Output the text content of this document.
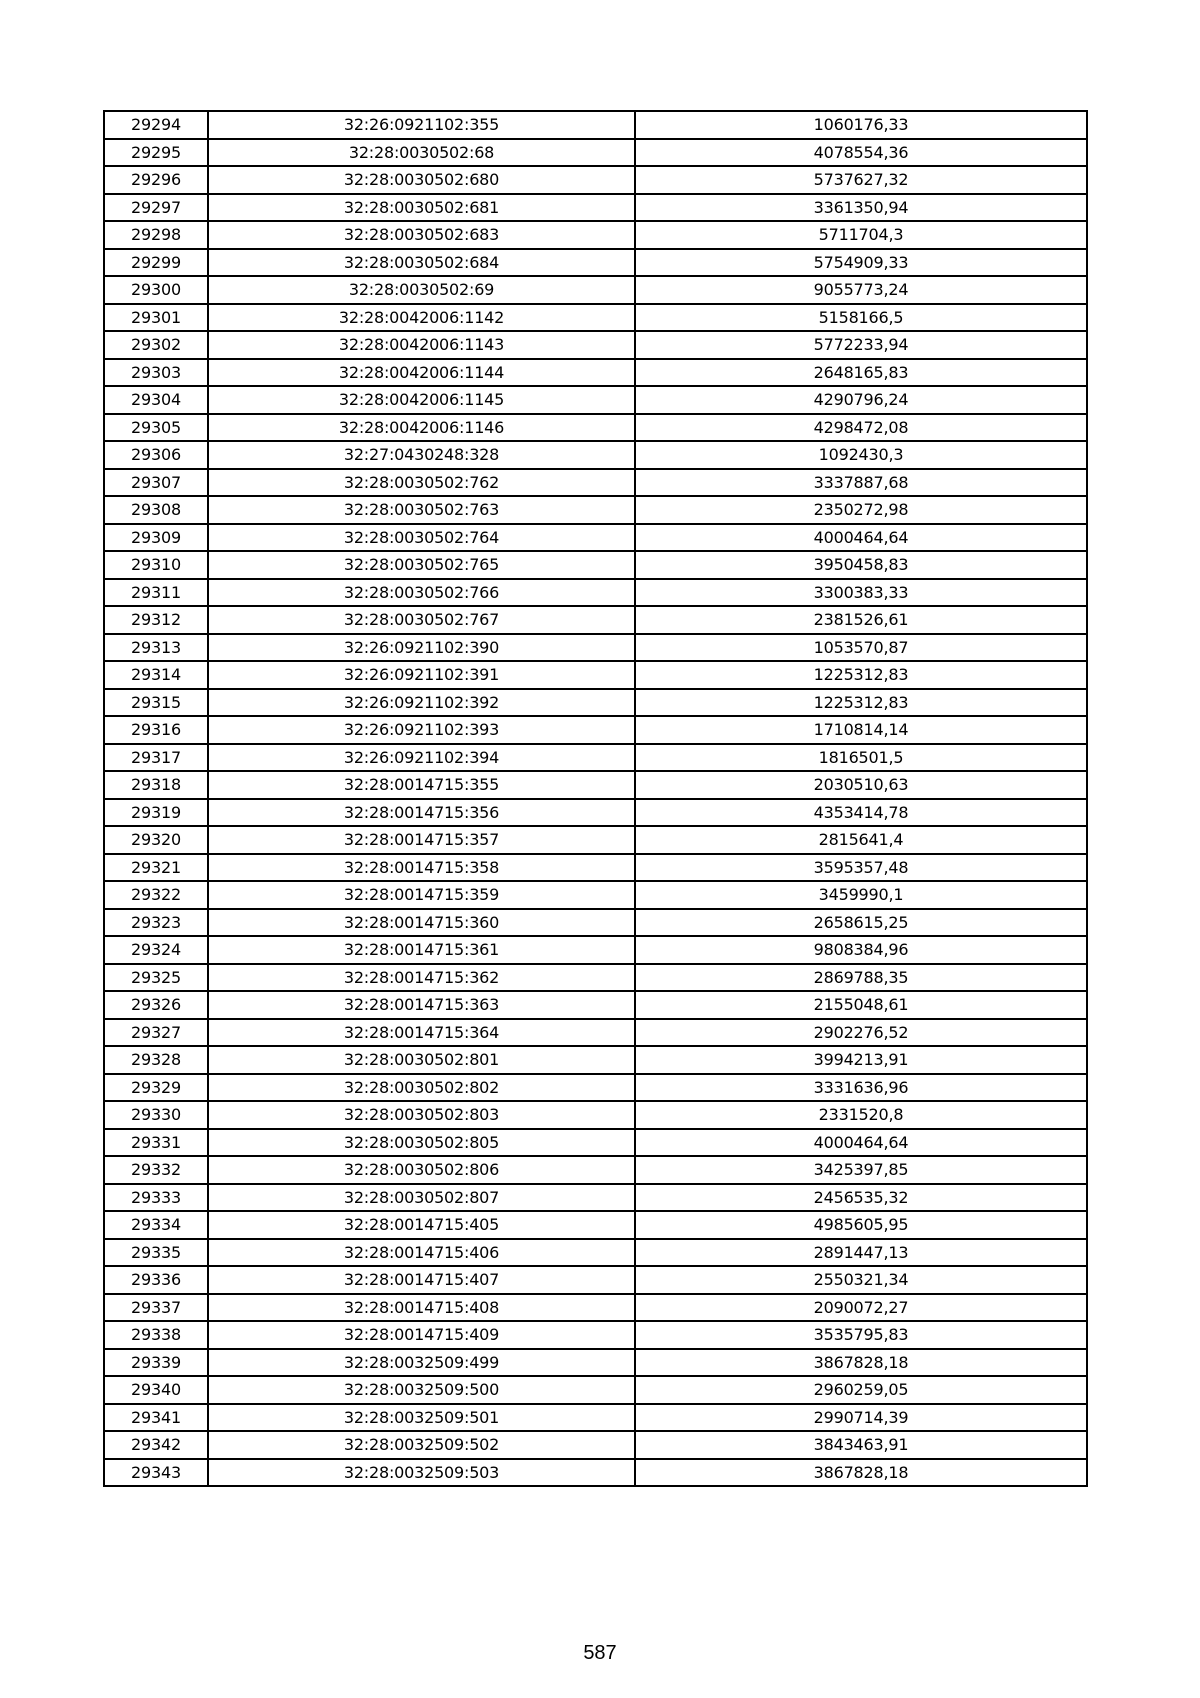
29294	32:26:0921102:355	1060176,33
29295	32:28:0030502:68	4078554,36
29296	32:28:0030502:680	5737627,32
29297	32:28:0030502:681	3361350,94
29298	32:28:0030502:683	5711704,3
29299	32:28:0030502:684	5754909,33
29300	32:28:0030502:69	9055773,24
29301	32:28:0042006:1142	5158166,5
29302	32:28:0042006:1143	5772233,94
29303	32:28:0042006:1144	2648165,83
29304	32:28:0042006:1145	4290796,24
29305	32:28:0042006:1146	4298472,08
29306	32:27:0430248:328	1092430,3
29307	32:28:0030502:762	3337887,68
29308	32:28:0030502:763	2350272,98
29309	32:28:0030502:764	4000464,64
29310	32:28:0030502:765	3950458,83
29311	32:28:0030502:766	3300383,33
29312	32:28:0030502:767	2381526,61
29313	32:26:0921102:390	1053570,87
29314	32:26:0921102:391	1225312,83
29315	32:26:0921102:392	1225312,83
29316	32:26:0921102:393	1710814,14
29317	32:26:0921102:394	1816501,5
29318	32:28:0014715:355	2030510,63
29319	32:28:0014715:356	4353414,78
29320	32:28:0014715:357	2815641,4
29321	32:28:0014715:358	3595357,48
29322	32:28:0014715:359	3459990,1
29323	32:28:0014715:360	2658615,25
29324	32:28:0014715:361	9808384,96
29325	32:28:0014715:362	2869788,35
29326	32:28:0014715:363	2155048,61
29327	32:28:0014715:364	2902276,52
29328	32:28:0030502:801	3994213,91
29329	32:28:0030502:802	3331636,96
29330	32:28:0030502:803	2331520,8
29331	32:28:0030502:805	4000464,64
29332	32:28:0030502:806	3425397,85
29333	32:28:0030502:807	2456535,32
29334	32:28:0014715:405	4985605,95
29335	32:28:0014715:406	2891447,13
29336	32:28:0014715:407	2550321,34
29337	32:28:0014715:408	2090072,27
29338	32:28:0014715:409	3535795,83
29339	32:28:0032509:499	3867828,18
29340	32:28:0032509:500	2960259,05
29341	32:28:0032509:501	2990714,39
29342	32:28:0032509:502	3843463,91
29343	32:28:0032509:503	3867828,18
587
